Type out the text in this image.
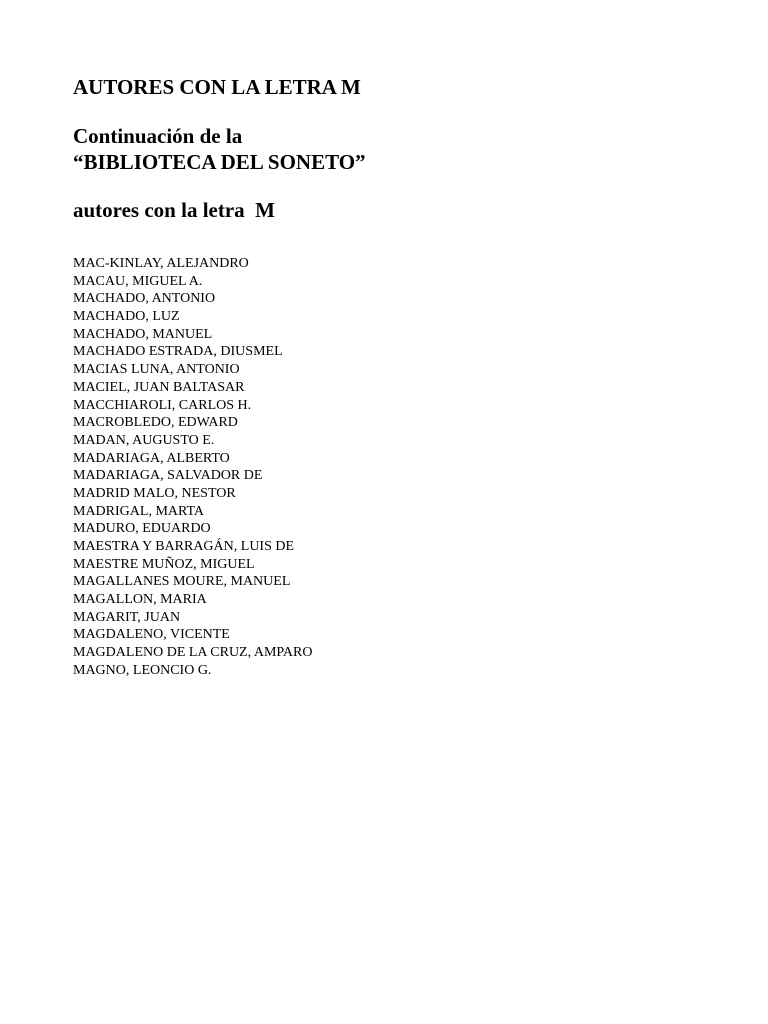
AUTORES CON LA LETRA M
Continuación de la
“BIBLIOTECA DEL SONETO”
autores con la letra  M
MAC-KINLAY, ALEJANDRO
MACAU, MIGUEL A.
MACHADO, ANTONIO
MACHADO, LUZ
MACHADO, MANUEL
MACHADO ESTRADA, DIUSMEL
MACIAS LUNA, ANTONIO
MACIEL, JUAN BALTASAR
MACCHIAROLI, CARLOS H.
MACROBLEDO, EDWARD
MADAN, AUGUSTO E.
MADARIAGA, ALBERTO
MADARIAGA, SALVADOR DE
MADRID MALO, NESTOR
MADRIGAL, MARTA
MADURO, EDUARDO
MAESTRA Y BARRAGÁN, LUIS DE
MAESTRE MUÑOZ, MIGUEL
MAGALLANES MOURE, MANUEL
MAGALLON, MARIA
MAGARIT, JUAN
MAGDALENO, VICENTE
MAGDALENO DE LA CRUZ, AMPARO
MAGNO, LEONCIO G.
